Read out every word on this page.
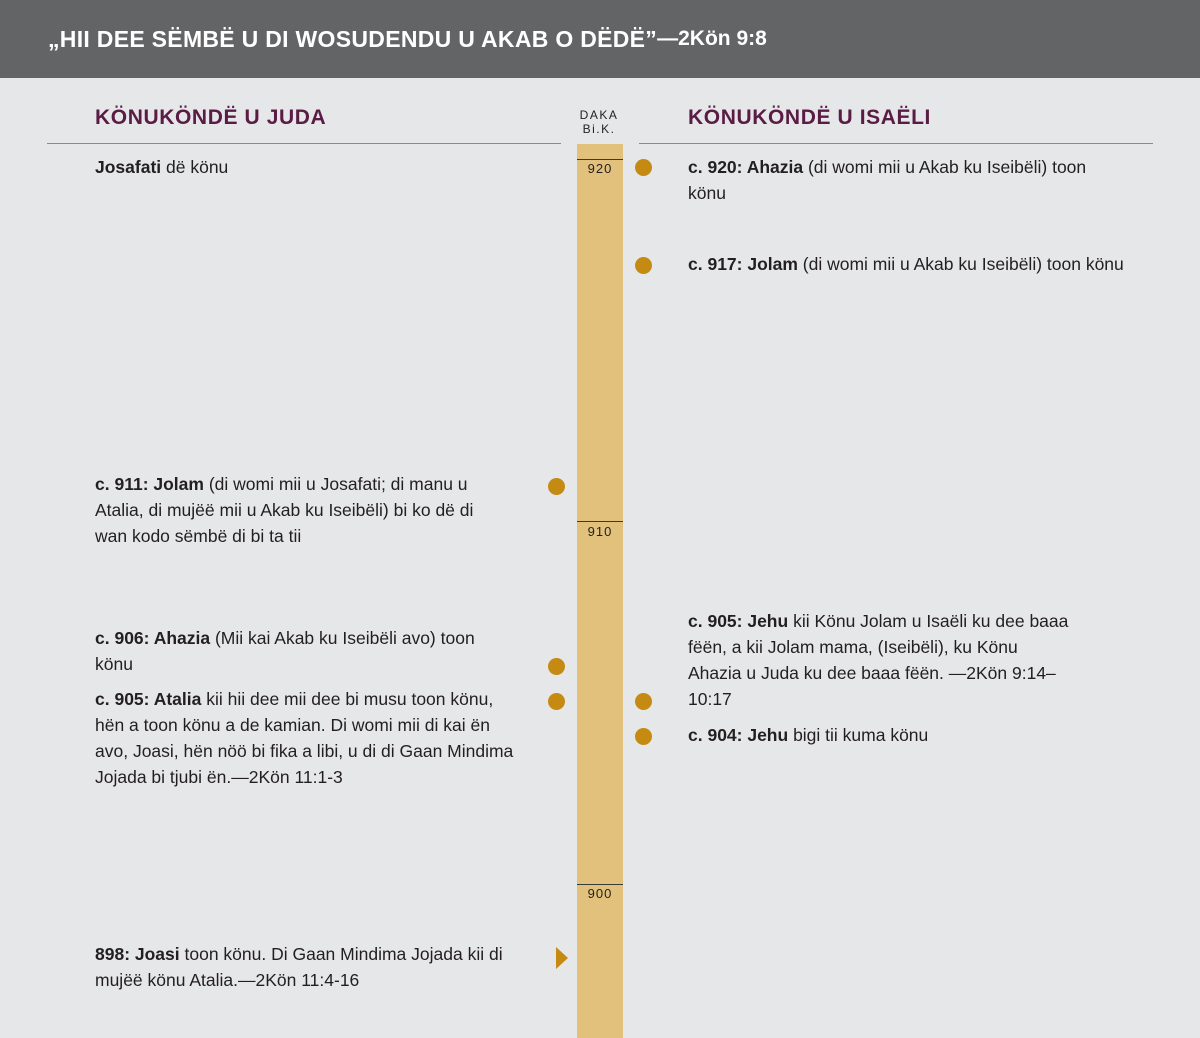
„HII DEE SËMBË U DI WOSUDENDU U AKAB O DËDË” —2Kön 9:8
KÖNUKÖNDË U JUDA	KÖNUKÖNDË U ISAËLI
DAKA
Bi.K.
920
910
900
Josafati dë könu
c. 911: Jolam (di womi mii u Josafati; di manu u Atalia, di mujëë mii u Akab ku Iseibëli) bi ko dë di wan kodo sëmbë di bi ta tii
c. 906: Ahazia (Mii kai Akab ku Iseibëli avo) toon könu
c. 905: Atalia kii hii dee mii dee bi musu toon könu, hën a toon könu a de kamian. Di womi mii di kai ën avo, Joasi, hën nöö bi fika a libi, u di di Gaan Mindima Jojada bi tjubi ën.—2Kön 11:1-3
898: Joasi toon könu. Di Gaan Mindima Jojada kii di mujëë könu Atalia.—2Kön 11:4-16
c. 920: Ahazia (di womi mii u Akab ku Iseibëli) toon könu
c. 917: Jolam (di womi mii u Akab ku Iseibëli) toon könu
c. 905: Jehu kii Könu Jolam u Isaëli ku dee baaa fëën, a kii Jolam mama, (Iseibëli), ku Könu Ahazia u Juda ku dee baaa fëën. —2Kön 9:14–10:17
c. 904: Jehu bigi tii kuma könu
